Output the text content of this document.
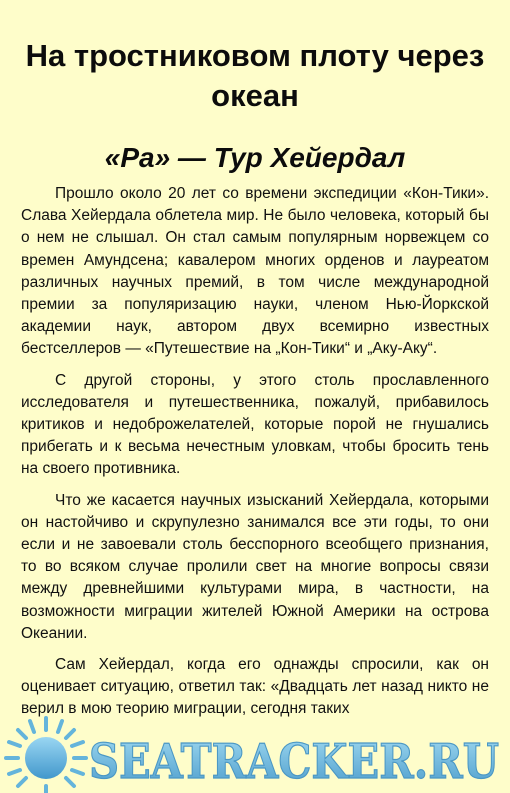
На тростниковом плоту через океан
«Ра» — Тур Хейердал

Прошло около 20 лет со времени экспедиции «Кон-Тики». Слава Хейердала облетела мир. Не было человека, который бы о нем не слышал. Он стал самым популярным норвежцем со времен Амундсена; кавалером многих орденов и лауреатом различных научных премий, в том числе международной премии за популяризацию науки, членом Нью-Йоркской академии наук, автором двух всемирно известных бестселлеров — «Путешествие на „Кон-Тики“ и „Аку-Аку“.

С другой стороны, у этого столь прославленного исследователя и путешественника, пожалуй, прибавилось критиков и недоброжелателей, которые порой не гнушались прибегать и к весьма нечестным уловкам, чтобы бросить тень на своего противника.

Что же касается научных изысканий Хейердала, которыми он настойчиво и скрупулезно занимался все эти годы, то они если и не завоевали столь бесспорного всеобщего признания, то во всяком случае пролили свет на многие вопросы связи между древнейшими культурами мира, в частности, на возможности миграции жителей Южной Америки на острова Океании.

Сам Хейердал, когда его однажды спросили, как он оценивает ситуацию, ответил так: «Двадцать лет назад никто не верил в мою теорию миграции, сегодня таких

SEATRACKER.RU
